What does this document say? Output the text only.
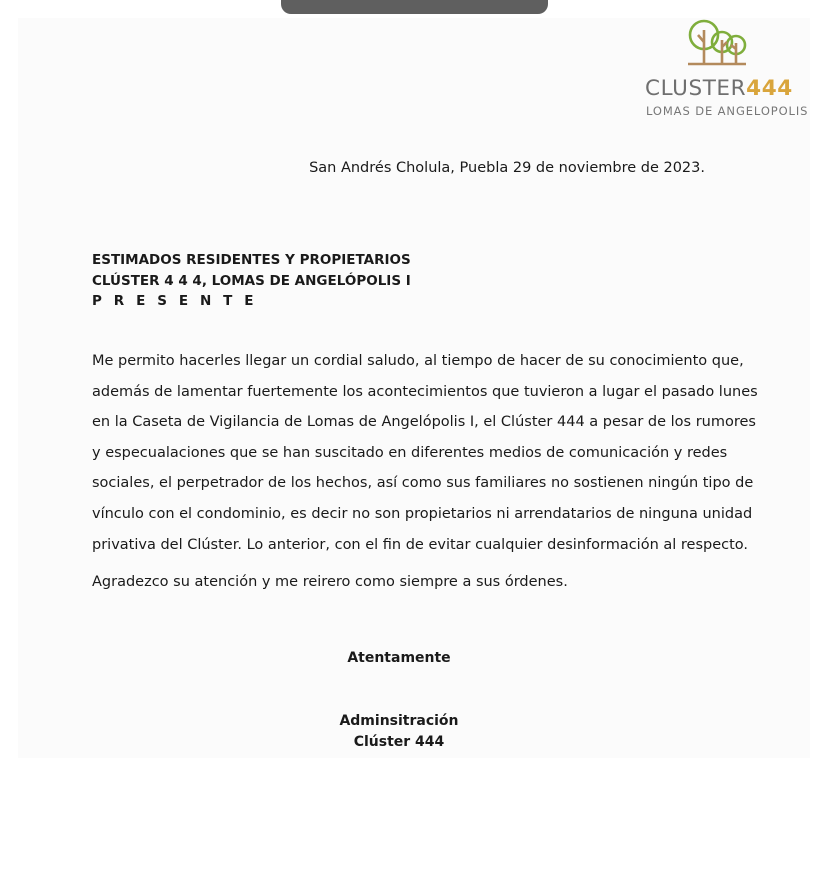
CLUSTER444
LOMAS DE ANGELOPOLIS
San Andrés Cholula, Puebla 29 de noviembre de 2023.
ESTIMADOS RESIDENTES Y PROPIETARIOS
CLÚSTER 4 4 4, LOMAS DE ANGELÓPOLIS I
P R E S E N T E
Me permito hacerles llegar un cordial saludo, al tiempo de hacer de su conocimiento que,
además de lamentar fuertemente los acontecimientos que tuvieron a lugar el pasado lunes
en la Caseta de Vigilancia de Lomas de Angelópolis I, el Clúster 444 a pesar de los rumores
y especualaciones que se han suscitado en diferentes medios de comunicación y redes
sociales, el perpetrador de los hechos, así como sus familiares no sostienen ningún tipo de
vínculo con el condominio, es decir no son propietarios ni arrendatarios de ninguna unidad
privativa del Clúster. Lo anterior, con el fin de evitar cualquier desinformación al respecto.
Agradezco su atención y me reirero como siempre a sus órdenes.
Atentamente
Adminsitración
Clúster 444
